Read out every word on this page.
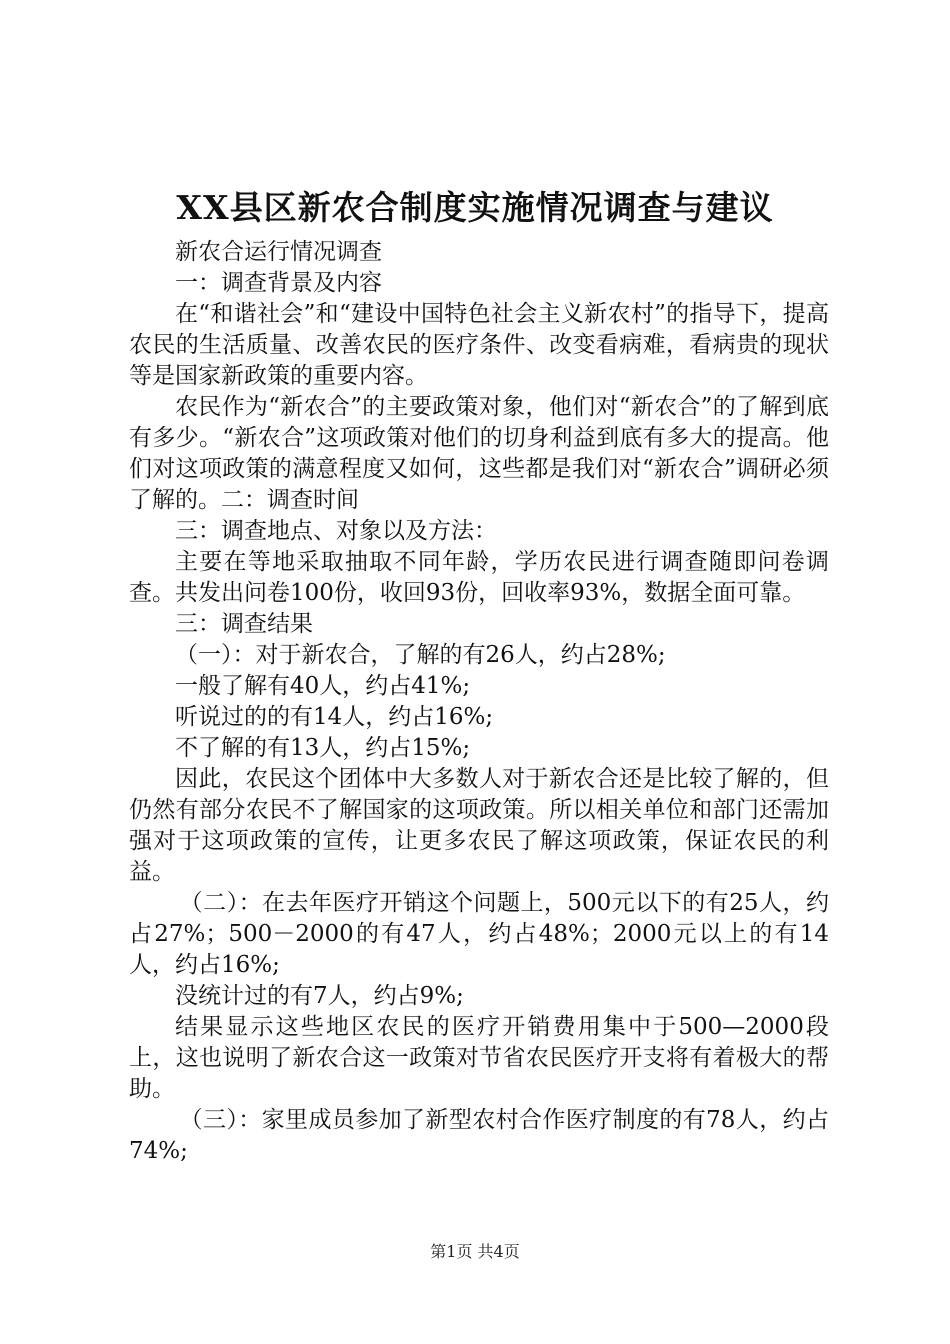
XX县区新农合制度实施情况调查与建议

新农合运行情况调查

一：调查背景及内容

在“和谐社会”和“建设中国特色社会主义新农村”的指导下，提高农民的生活质量、改善农民的医疗条件、改变看病难，看病贵的现状等是国家新政策的重要内容。

农民作为“新农合”的主要政策对象，他们对“新农合”的了解到底有多少。“新农合”这项政策对他们的切身利益到底有多大的提高。他们对这项政策的满意程度又如何，这些都是我们对“新农合”调研必须了解的。二：调查时间

三：调查地点、对象以及方法：

主要在等地采取抽取不同年龄，学历农民进行调查随即问卷调查。共发出问卷100份，收回93份，回收率93%，数据全面可靠。

三：调查结果

（一）：对于新农合，了解的有26人，约占28%;

一般了解有40人，约占41%;

听说过的的有14人，约占16%;

不了解的有13人，约占15%;

因此，农民这个团体中大多数人对于新农合还是比较了解的，但仍然有部分农民不了解国家的这项政策。所以相关单位和部门还需加强对于这项政策的宣传，让更多农民了解这项政策，保证农民的利益。

（二）：在去年医疗开销这个问题上，500元以下的有25人，约占27%；500－2000的有47人，约占48%；2000元以上的有14人，约占16%;

没统计过的有7人，约占9%;

结果显示这些地区农民的医疗开销费用集中于500—2000段上，这也说明了新农合这一政策对节省农民医疗开支将有着极大的帮助。

（三）：家里成员参加了新型农村合作医疗制度的有78人，约占74%;

第1页 共4页
